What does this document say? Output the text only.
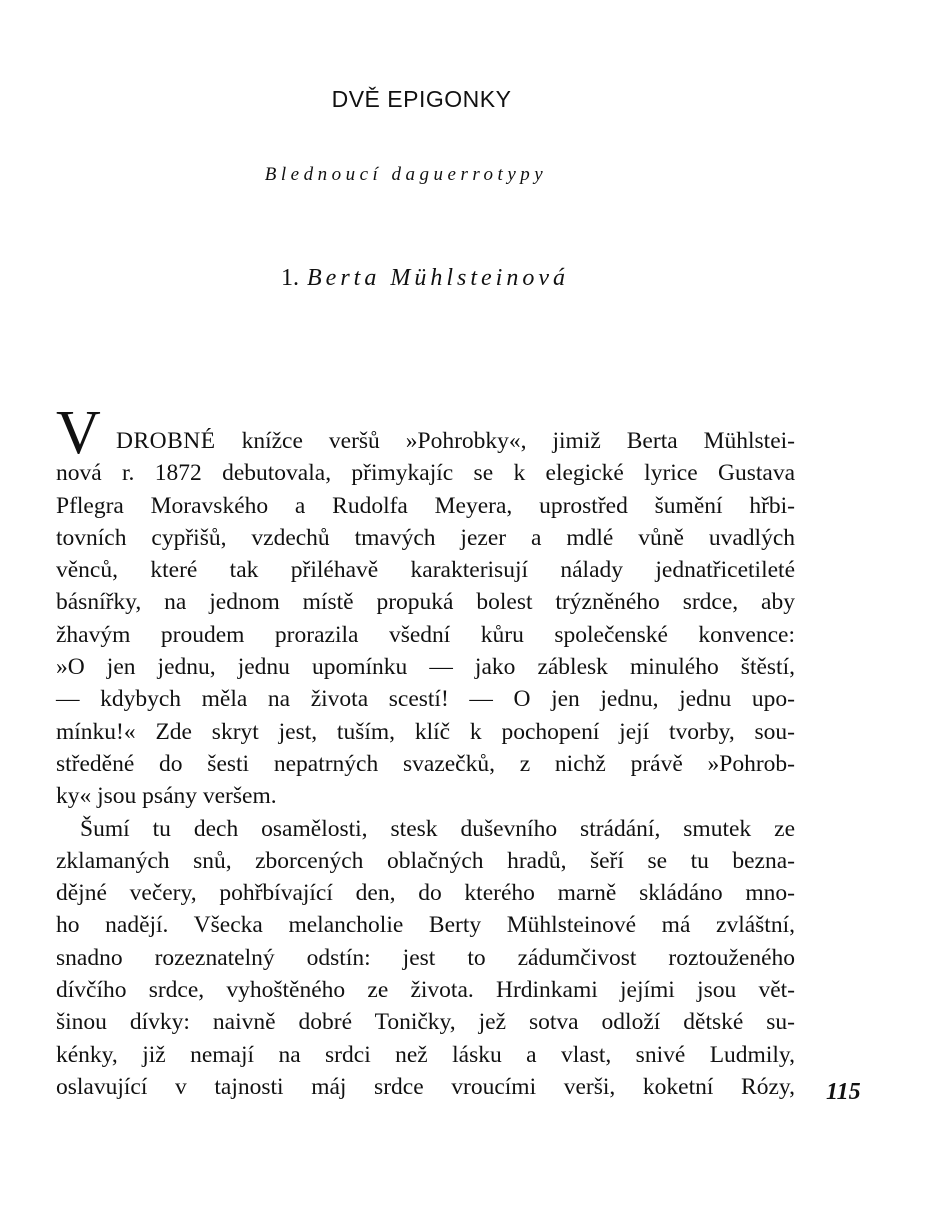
DVĚ EPIGONKY
Blednoucí daguerrotypy
1. Berta Mühlsteinová
V DROBNÉ knížce veršů »Pohrobky«, jimiž Berta Mühlstei-
nová r. 1872 debutovala, přimykajíc se k elegické lyrice Gustava
Pflegra Moravského a Rudolfa Meyera, uprostřed šumění hřbi-
tovních cypřišů, vzdechů tmavých jezer a mdlé vůně uvadlých
věnců, které tak přiléhavě karakterisují nálady jednatřicetileté
básnířky, na jednom místě propuká bolest trýzněného srdce, aby
žhavým proudem prorazila všední kůru společenské konvence:
»O jen jednu, jednu upomínku — jako záblesk minulého štěstí,
— kdybych měla na života scestí! — O jen jednu, jednu upo-
mínku!« Zde skryt jest, tuším, klíč k pochopení její tvorby, sou-
středěné do šesti nepatrných svazečků, z nichž právě »Pohrob-
ky« jsou psány veršem.
Šumí tu dech osamělosti, stesk duševního strádání, smutek ze
zklamaných snů, zborcených oblačných hradů, šeří se tu bezna-
dějné večery, pohřbívající den, do kterého marně skládáno mno-
ho nadějí. Všecka melancholie Berty Mühlsteinové má zvláštní,
snadno rozeznatelný odstín: jest to zádumčivost roztouženého
dívčího srdce, vyhoštěného ze života. Hrdinkami jejími jsou vět-
šinou dívky: naivně dobré Toničky, jež sotva odloží dětské su-
kénky, již nemají na srdci než lásku a vlast, snivé Ludmily,
oslavující v tajnosti máj srdce vroucími verši, koketní Rózy, 115
